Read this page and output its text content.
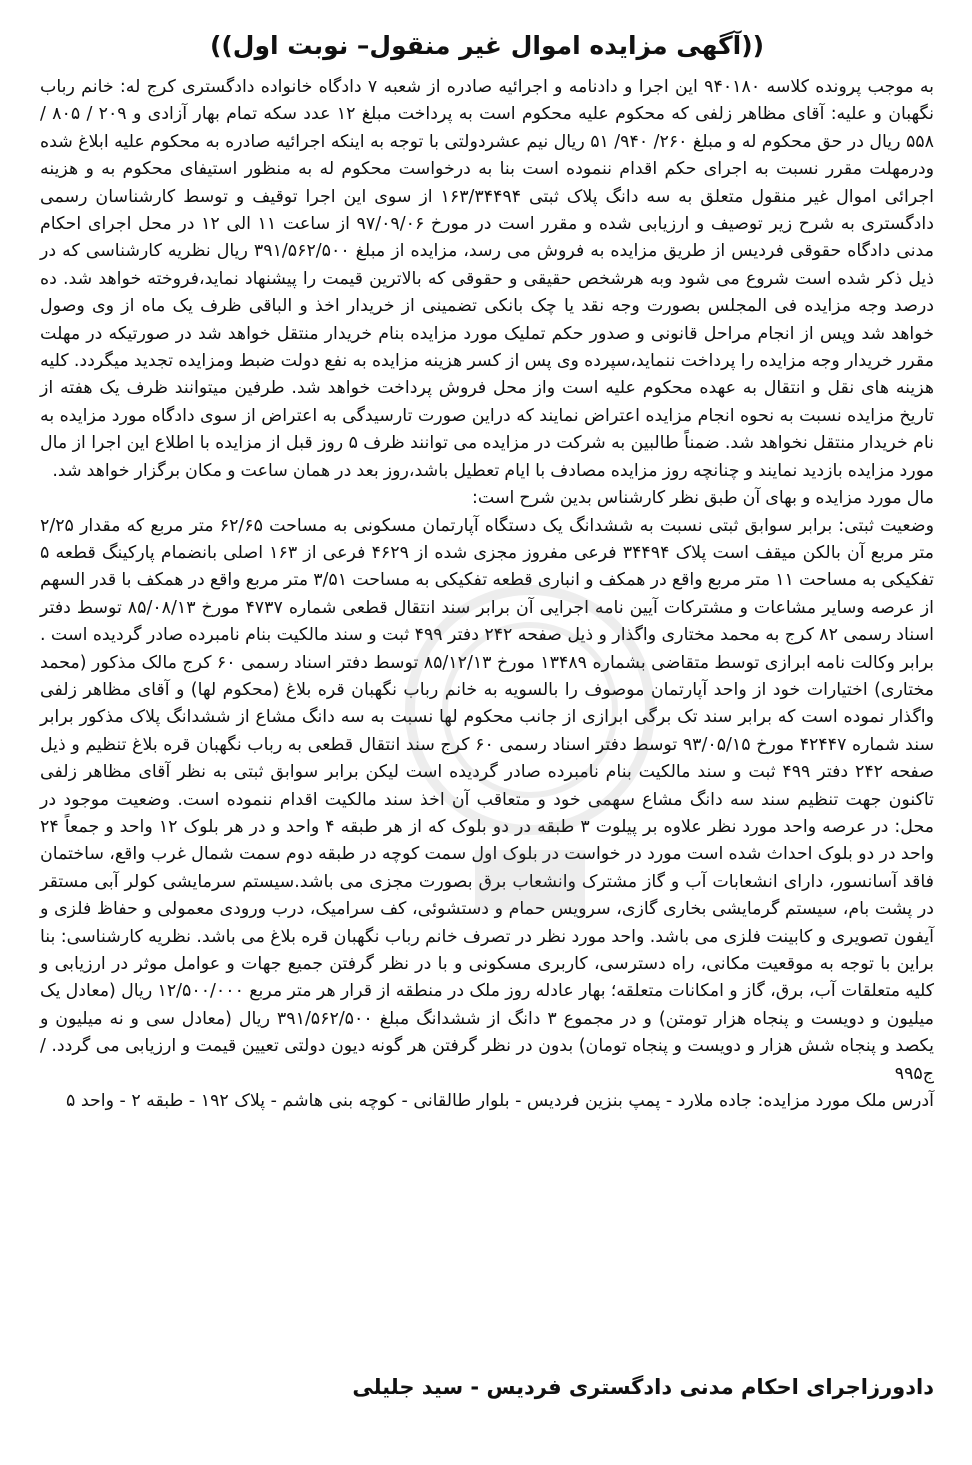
((آگهی مزایده اموال غیر منقول– نوبت اول))

به موجب پرونده کلاسه ۹۴۰۱۸۰ این اجرا و دادنامه و اجرائیه صادره از شعبه ۷ دادگاه خانواده دادگستری کرج له: خانم رباب نگهبان و علیه: آقای مظاهر زلفی که محکوم علیه محکوم است به پرداخت مبلغ ۱۲ عدد سکه تمام بهار آزادی و ۲۰۹ / ۸۰۵ / ۵۵۸ ریال در حق محکوم له و مبلغ ۲۶۰/ ۹۴۰/ ۵۱ ریال نیم عشردولتی با توجه به اینکه اجرائیه صادره به محکوم علیه ابلاغ شده ودرمهلت مقرر نسبت به اجرای حکم اقدام ننموده است بنا به درخواست محکوم له به منظور استیفای محکوم به و هزینه اجرائی اموال غیر منقول متعلق به سه دانگ پلاک ثبتی ۱۶۳/۳۴۴۹۴ از سوی این اجرا توقیف و توسط کارشناسان رسمی دادگستری به شرح زیر توصیف و ارزیابی شده و مقرر است در مورخ ۹۷/۰۹/۰۶ از ساعت ۱۱ الی ۱۲ در محل اجرای احکام مدنی دادگاه حقوقی فردیس از طریق مزایده به فروش می رسد، مزایده از مبلغ ۳۹۱/۵۶۲/۵۰۰ ریال نظریه کارشناسی که در ذیل ذکر شده است شروع می شود وبه هرشخص حقیقی و حقوقی که بالاترین قیمت را پیشنهاد نماید،فروخته خواهد شد. ده درصد وجه مزایده فی المجلس بصورت وجه نقد یا چک بانکی تضمینی از خریدار اخذ و الباقی ظرف یک ماه از وی وصول خواهد شد وپس از انجام مراحل قانونی و صدور حکم تملیک مورد مزایده بنام خریدار منتقل خواهد شد در صورتیکه در مهلت مقرر خریدار وجه مزایده را پرداخت ننماید،سپرده وی پس از کسر هزینه مزایده به نفع دولت ضبط ومزایده تجدید میگردد. کلیه هزینه های نقل و انتقال به عهده محکوم علیه است واز محل فروش پرداخت خواهد شد. طرفین میتوانند ظرف یک هفته از تاریخ مزایده نسبت به نحوه انجام مزایده اعتراض نمایند که دراین صورت تارسیدگی به اعتراض از سوی دادگاه مورد مزایده به نام خریدار منتقل نخواهد شد. ضمناً طالبین به شرکت در مزایده می توانند ظرف ۵ روز قبل از مزایده با اطلاع این اجرا از مال مورد مزایده بازدید نمایند و چنانچه روز مزایده مصادف با ایام تعطیل باشد،روز بعد در همان ساعت و مکان برگزار خواهد شد.

مال مورد مزایده و بهای آن طبق نظر کارشناس بدین شرح است:

وضعیت ثبتی: برابر سوابق ثبتی نسبت به ششدانگ یک دستگاه آپارتمان مسکونی به مساحت ۶۲/۶۵ متر مربع که مقدار ۲/۲۵ متر مربع آن بالکن میقف است پلاک ۳۴۴۹۴ فرعی مفروز مجزی شده از ۴۶۲۹ فرعی از ۱۶۳ اصلی بانضمام پارکینگ قطعه ۵ تفکیکی به مساحت ۱۱ متر مربع واقع در همکف و انباری قطعه تفکیکی به مساحت ۳/۵۱ متر مربع واقع در همکف با قدر السهم از عرصه وسایر مشاعات و مشترکات آیین نامه اجرایی آن برابر سند انتقال قطعی شماره ۴۷۳۷ مورخ ۸۵/۰۸/۱۳ توسط دفتر اسناد رسمی ۸۲ کرج به محمد مختاری واگذار و ذیل صفحه ۲۴۲ دفتر ۴۹۹ ثبت و سند مالکیت بنام نامبرده صادر گردیده است . برابر وکالت نامه ابرازی توسط متقاضی بشماره ۱۳۴۸۹ مورخ ۸۵/۱۲/۱۳ توسط دفتر اسناد رسمی ۶۰ کرج مالک مذکور (محمد مختاری) اختیارات خود از واحد آپارتمان موصوف را بالسویه به خانم رباب نگهبان قره بلاغ (محکوم لها) و آقای مظاهر زلفی واگذار نموده است که برابر سند تک برگی ابرازی از جانب محکوم لها نسبت به سه دانگ مشاع از ششدانگ پلاک مذکور برابر سند شماره ۴۲۴۴۷ مورخ ۹۳/۰۵/۱۵ توسط دفتر اسناد رسمی ۶۰ کرج سند انتقال قطعی به رباب نگهبان قره بلاغ تنظیم و ذیل صفحه ۲۴۲ دفتر ۴۹۹ ثبت و سند مالکیت بنام نامبرده صادر گردیده است لیکن برابر سوابق ثبتی به نظر آقای مظاهر زلفی تاکنون جهت تنظیم سند سه دانگ مشاع سهمی خود و متعاقب آن اخذ سند مالکیت اقدام ننموده است. وضعیت موجود در محل: در عرصه واحد مورد نظر علاوه بر پیلوت ۳ طبقه در دو بلوک که از هر طبقه ۴ واحد و در هر بلوک ۱۲ واحد و جمعاً ۲۴ واحد در دو بلوک احداث شده است مورد در خواست در بلوک اول سمت کوچه در طبقه دوم سمت شمال غرب واقع، ساختمان فاقد آسانسور، دارای انشعابات آب و گاز مشترک وانشعاب برق بصورت مجزی می باشد.سیستم سرمایشی کولر آبی مستقر در پشت بام، سیستم گرمایشی بخاری گازی، سرویس حمام و دستشوئی، کف سرامیک، درب ورودی معمولی و حفاظ فلزی و آیفون تصویری و کابینت فلزی می باشد. واحد مورد نظر در تصرف خانم رباب نگهبان قره بلاغ می باشد. نظریه کارشناسی: بنا براین با توجه به موقعیت مکانی، راه دسترسی، کاربری مسکونی و با در نظر گرفتن جمیع جهات و عوامل موثر در ارزیابی و کلیه متعلقات آب، برق، گاز و امکانات متعلقه؛ بهار عادله روز ملک در منطقه از قرار هر متر مربع ۱۲/۵۰۰/۰۰۰ ریال (معادل یک میلیون و دویست و پنجاه هزار تومتن) و در مجموع ۳ دانگ از ششدانگ مبلغ ۳۹۱/۵۶۲/۵۰۰ ریال (معادل سی و نه میلیون و یکصد و پنجاه شش هزار و دویست و پنجاه تومان) بدون در نظر گرفتن هر گونه دیون دولتی تعیین قیمت و ارزیابی می گردد. /ج۹۹۵

آدرس ملک مورد مزایده: جاده ملارد - پمپ بنزین فردیس - بلوار طالقانی - کوچه بنی هاشم - پلاک ۱۹۲ - طبقه ۲ - واحد ۵

دادورزاجرای احکام مدنی دادگستری فردیس - سید جلیلی
